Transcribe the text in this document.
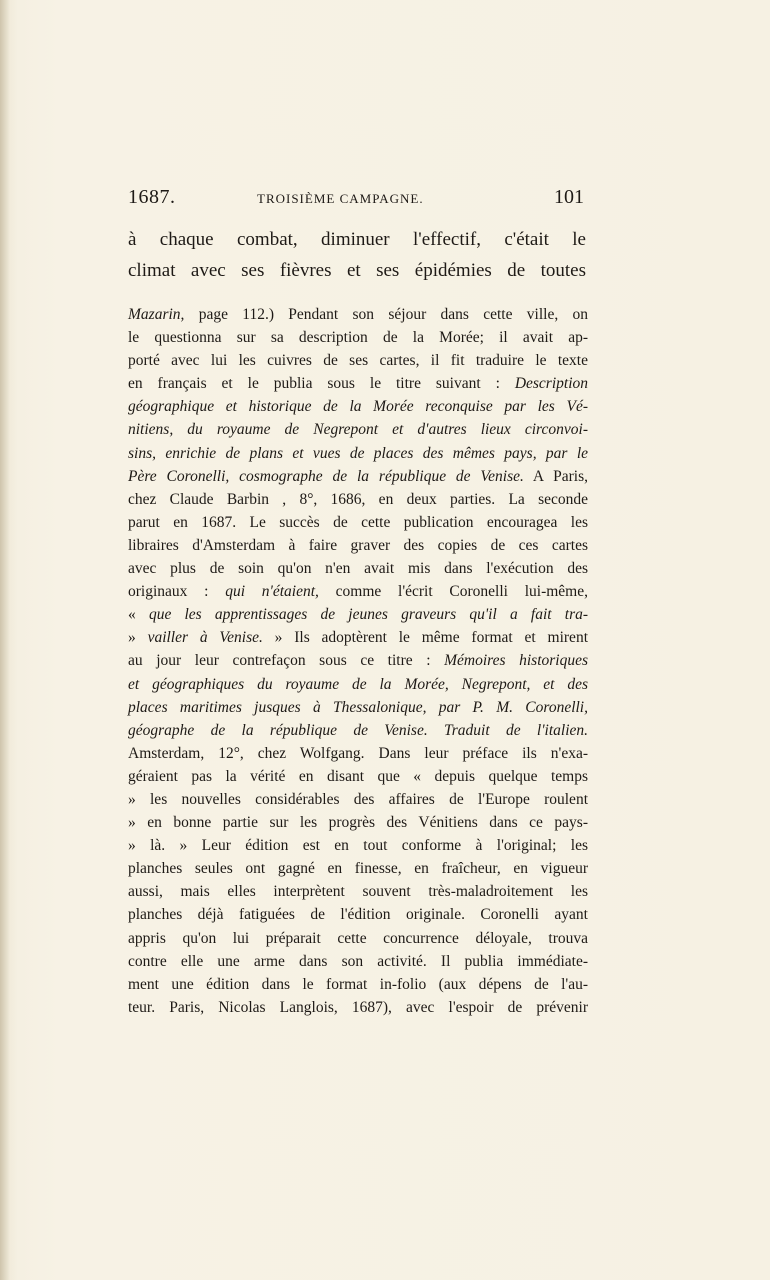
1687.	TROISIÈME CAMPAGNE.	101
à chaque combat, diminuer l'effectif, c'était le
climat avec ses fièvres et ses épidémies de toutes
Mazarin, page 112.) Pendant son séjour dans cette ville, on
le questionna sur sa description de la Morée; il avait ap-
porté avec lui les cuivres de ses cartes, il fit traduire le texte
en français et le publia sous le titre suivant : Description
géographique et historique de la Morée reconquise par les Vé-
nitiens, du royaume de Negrepont et d'autres lieux circonvoi-
sins, enrichie de plans et vues de places des mêmes pays, par le
Père Coronelli, cosmographe de la république de Venise. A Paris,
chez Claude Barbin , 8°, 1686, en deux parties. La seconde
parut en 1687. Le succès de cette publication encouragea les
libraires d'Amsterdam à faire graver des copies de ces cartes
avec plus de soin qu'on n'en avait mis dans l'exécution des
originaux : qui n'étaient, comme l'écrit Coronelli lui-même,
« que les apprentissages de jeunes graveurs qu'il a fait tra-
» vailler à Venise. » Ils adoptèrent le même format et mirent
au jour leur contrefaçon sous ce titre : Mémoires historiques
et géographiques du royaume de la Morée, Negrepont, et des
places maritimes jusques à Thessalonique, par P. M. Coronelli,
géographe de la république de Venise. Traduit de l'italien.
Amsterdam, 12°, chez Wolfgang. Dans leur préface ils n'exa-
géraient pas la vérité en disant que « depuis quelque temps
» les nouvelles considérables des affaires de l'Europe roulent
» en bonne partie sur les progrès des Vénitiens dans ce pays-
» là. » Leur édition est en tout conforme à l'original; les
planches seules ont gagné en finesse, en fraîcheur, en vigueur
aussi, mais elles interprètent souvent très-maladroitement les
planches déjà fatiguées de l'édition originale. Coronelli ayant
appris qu'on lui préparait cette concurrence déloyale, trouva
contre elle une arme dans son activité. Il publia immédiate-
ment une édition dans le format in-folio (aux dépens de l'au-
teur. Paris, Nicolas Langlois, 1687), avec l'espoir de prévenir
